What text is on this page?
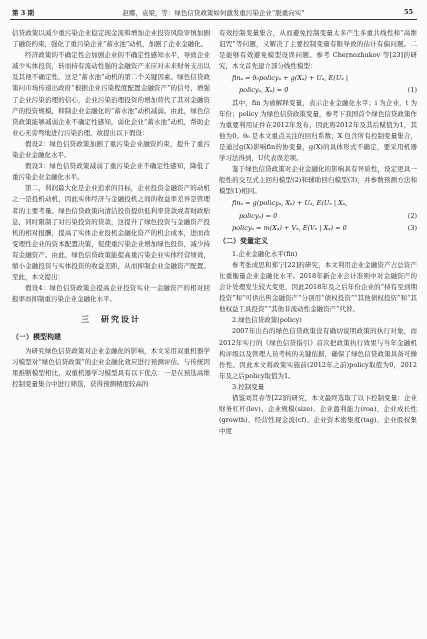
第 3 期	赵娜，袁梁，等：绿色信贷政策如何激发重污染企业“脱重向实”	55

信贷政策以减少重污染企业稳定现金流和增加企业投资风险审慎加剧了融资约束，强化了重污染企业“蓄水池”动机，加剧了企业金融化。

经济政策的不确定性会加剧企业的不确定性感知水平，导致企业减少实体投资，转而持有流动性强的金融资产来应对未来财务支出以及其他不确定性，这是“蓄水池”动机的第二个关键因素。绿色信贷政策问市场传递出政府“根据企业污染程度配置金融资产”的信号，增强了企业污染治理的信心，企业污染治理投资的增加替代了其对金融资产的投资规模，抑制企业金融化的“蓄水池”动机减弱。由此，绿色信贷政策能够减弱企业不确定性感知，弱化企业“蓄水池”动机，帮助企业心无旁骛地进行污染治理。故提出以下假设：

假设2：绿色信贷政策加剧了重污染企业融资约束，提升了重污染企业金融化水平。

假设3：绿色信贷政策减弱了重污染企业不确定性感知，降低了重污染企业金融化水平。

第二，利润最大化是企业追求的目标，企业投资金融资产的动机之一是投机动机，因此实体经济与金融投机之间的收益率差异是管理者的主要考量。绿色信贷政策向清洁投资提供低利率贷款或者财政贴息，同时限制了对污染投资的贷款，这提升了绿色投资与金融资产投机的相对报酬，提高了实体企业投机金融化资产的机会成本，进而改变理性企业的资本配置决策，促使重污染企业增加绿色投资，减少持有金融资产。由此，绿色信贷政策能提高重污染企业实体经营绩效，缩小金融投资与实体投资的收益差距，从而抑制企业金融资产配置。至此，本文提出：

假设4：绿色信贷政策会提高企业投资实业一金融资产的相对回报率而抑制重污染企业金融化水平。

三　研究设计
（一）模型构建

为研究绿色信贷政策对企业金融化的影响，本文采用双重机器学习模型对“绿色信贷政策”的企业金融化效应进行预测评估。与传统因果推断模型相比，双重机器学习模型具有以下优点：一是在预选高维控制变量集合中进行筛选，获得预测精度较高的

有效控制变量集合，从而避免控制变量太多产生多重共线性和“高维诅咒”等问题，又解决了主要控制变量有限导致的估计有偏问题。二是能够有效避免模型设误问题。参考 Chernozhukov 等[23]的研究，本文首先建立部分线性模型：

finₐ = θ₀policyₐ + g(Xₐ) + Uₐ, E(Uₐ |
policyₐ, Xₐ) = 0	(1)

其中，fin 为被解释变量，表示企业金融化水平；i 为企业，t 为年份；policy 为绿色信贷政策变量，参考下我国首个绿色信贷政策作为重要利用证件在2012年发布，因此将2012年及其后赋值为1，其他为0。θ₀ 是本文重点关注的回归系数；X 包含所有控制变量集合，是通过g(X)影响fin的协变量，g(X)的具体形式不确定，要采用机器学习法得到，U代表误差项。

鉴于绿色信贷政策对企业金融化的影响具有异质性，设定更具一般性的交互式主回归模型(2)和辅助回归模型(3)，并参数预测方法和模型(1)相同。

finₐ = g(policyₐ, Xₐ) + Uₐ, E(Uₐ | Xₐ,
policyₐ) = 0	(2)
policyₐ = m(Xₐ) + Vₐ, E(Vₐ | Xₐ) = 0	(3)
（二）变量定义

1.企业金融化水平(fin)

参考张成思和郑宁[22]的研究，本文利用企业金融资产占总资产比重衡量企业金融化水平。2018年新企业会计准则中对金融资产的会计处理发生较大变更，因此2018年及之后年份企业的“持有至到期投资”和“可供出售金融资产”分别用“债权投资”“其他债权投资”和“其他权益工具投资”“其他非流动性金融资产”代替。

2.绿色信贷政策(policy)

2007年出台的绿色信贷政策没有确切说明政策的执行对象，而2012年实行的《绿色信贷指引》首次把政策执行效果与当年金融机构评级以及管理人员考核的关键依据，确保了绿色信贷政策具备可操作性。因此本文将政策实施前(2012年之前)policy取值为0，2012年及之后policy取值为1。

3.控制变量

借鉴刘贯春等[22]的研究，本文最终选取了以下控制变量：企业财务杠杆(lev)、企业规模(size)、企业盈利能力(roa)、企业成长性(growth)、经营性现金流(cf)、企业资本密集度(tag)、企业股权集中度
